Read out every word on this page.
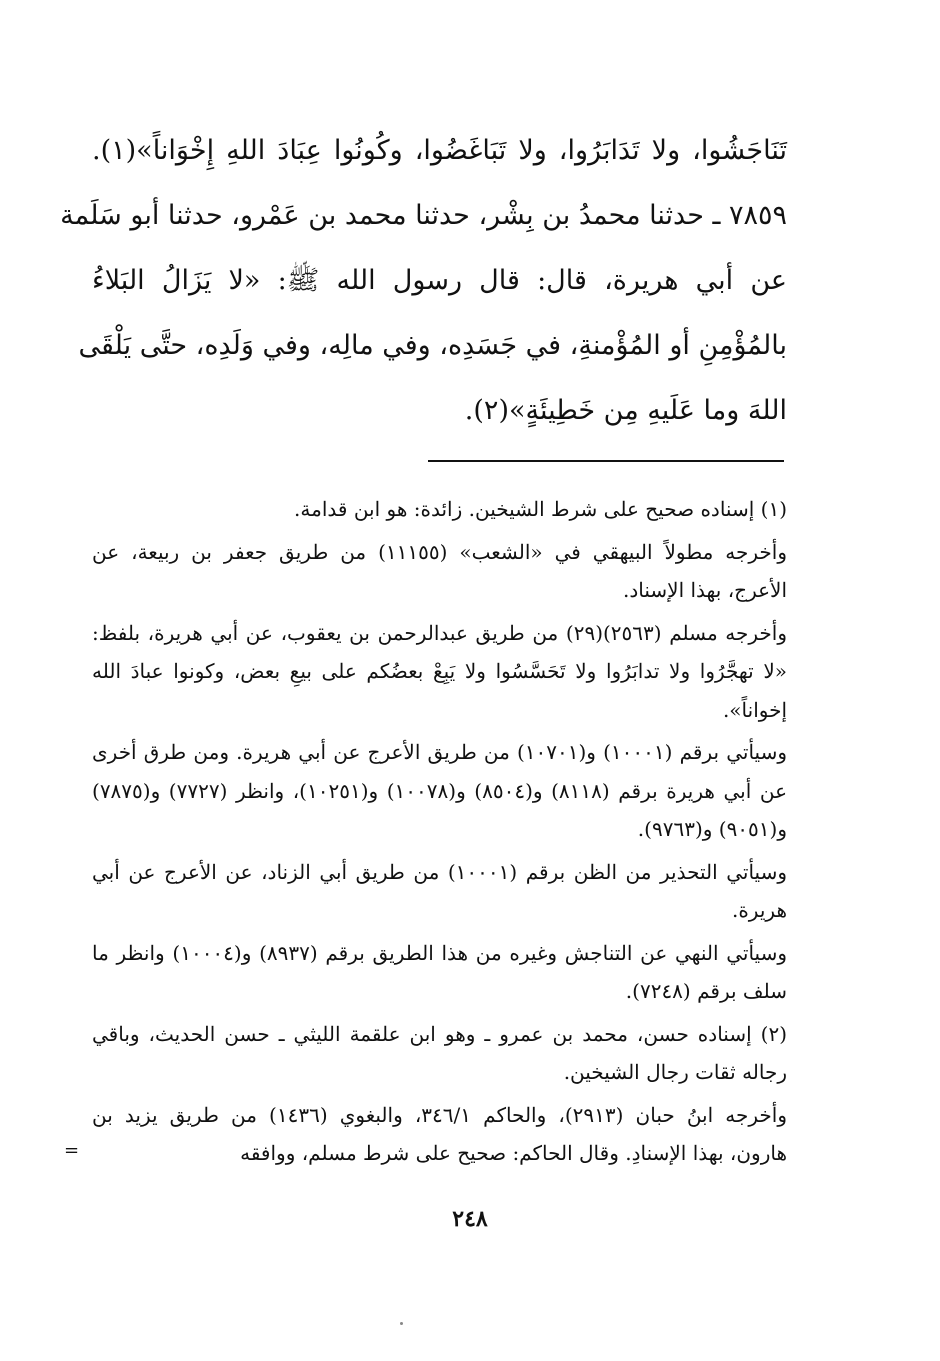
تَنَاجَشُوا، ولا تَدَابَرُوا، ولا تَبَاغَضُوا، وكُونُوا عِبَادَ اللهِ إِخْوَاناً»(١).

٧٨٥٩ ـ حدثنا محمدُ بن بِشْر، حدثنا محمد بن عَمْرو، حدثنا أبو سَلَمة

عن أبي هريرة، قال: قال رسول الله ﷺ: «لا يَزَالُ البَلاءُ

بالمُؤْمِنِ أو المُؤْمنةِ، في جَسَدِه، وفي مالِه، وفي وَلَدِه، حتَّى يَلْقَى

اللهَ وما عَلَيهِ مِن خَطِيئَةٍ»(٢).

(١) إسناده صحيح على شرط الشيخين. زائدة: هو ابن قدامة.

وأخرجه مطولاً البيهقي في «الشعب» (١١١٥٥) من طريق جعفر بن ربيعة، عن الأعرج، بهذا الإسناد.

وأخرجه مسلم (٢٥٦٣)(٢٩) من طريق عبدالرحمن بن يعقوب، عن أبي هريرة، بلفظ: «لا تهجَّرُوا ولا تدابَرُوا ولا تَحَسَّسُوا ولا يَبِعْ بعضُكم على بيعِ بعض، وكونوا عبادَ الله إخواناً».

وسيأتي برقم (١٠٠٠١) و(١٠٧٠١) من طريق الأعرج عن أبي هريرة. ومن طرق أخرى عن أبي هريرة برقم (٨١١٨) و(٨٥٠٤) و(١٠٠٧٨) و(١٠٢٥١)، وانظر (٧٧٢٧) و(٧٨٧٥) و(٩٠٥١) و(٩٧٦٣).

وسيأتي التحذير من الظن برقم (١٠٠٠١) من طريق أبي الزناد، عن الأعرج عن أبي هريرة.

وسيأتي النهي عن التناجش وغيره من هذا الطريق برقم (٨٩٣٧) و(١٠٠٠٤) وانظر ما سلف برقم (٧٢٤٨).

(٢) إسناده حسن، محمد بن عمرو ـ وهو ابن علقمة الليثي ـ حسن الحديث، وباقي رجاله ثقات رجال الشيخين.

وأخرجه ابنُ حبان (٢٩١٣)، والحاكم ٣٤٦/١، والبغوي (١٤٣٦) من طريق يزيد بن هارون، بهذا الإسنادِ. وقال الحاكم: صحيح على شرط مسلم، ووافقه
=

٢٤٨
